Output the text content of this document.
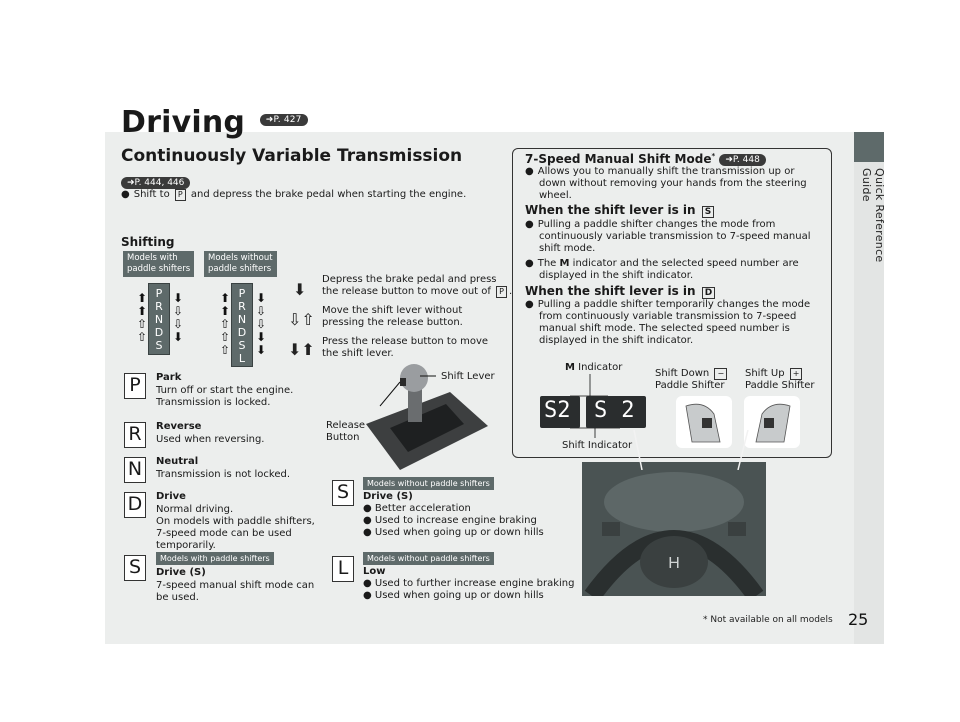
Quick Reference Guide
Driving ➜P. 427
Continuously Variable Transmission
➜P. 444, 446
● Shift to P and depress the brake pedal when starting the engine.
Shifting
Models with
paddle shifters
Models without
paddle shifters
P
R
N
D
S
⬆
⬆
⇧
⇧
⬇
⇩
⇩
⬇
P
R
N
D
S
L
⬆
⬆
⇧
⇧
⇧
⬇
⇩
⇩
⬇
⬇
⬇
Depress the brake pedal and press
the release button to move out of P .
⇩⇧ Move the shift lever without
pressing the release button.
⬇⬆ Press the release button to move
the shift lever.
Shift Lever
Release
Button
P	Park
Turn off or start the engine.
Transmission is locked.
R	Reverse
Used when reversing.
N	Neutral
Transmission is not locked.
D	Drive
Normal driving.
On models with paddle shifters,
7-speed mode can be used
temporarily.
S	Models with paddle shifters
Drive (S)
7-speed manual shift mode can
be used.
S	Models without paddle shifters
Drive (S)
● Better acceleration
● Used to increase engine braking
● Used when going up or down hills
L	Models without paddle shifters
Low
● Used to further increase engine braking
● Used when going up or down hills
7-Speed Manual Shift Mode* ➜P. 448
● Allows you to manually shift the transmission up or
down without removing your hands from the steering
wheel.
When the shift lever is in S
● Pulling a paddle shifter changes the mode from
continuously variable transmission to 7-speed manual
shift mode.
● The M indicator and the selected speed number are
displayed in the shift indicator.
When the shift lever is in D
● Pulling a paddle shifter temporarily changes the mode
from continuously variable transmission to 7-speed
manual shift mode. The selected speed number is
displayed in the shift indicator.
M Indicator
S2 S2
Shift Indicator
Shift Down −
Paddle Shifter
Shift Up +
Paddle Shifter
H
* Not available on all models 25
